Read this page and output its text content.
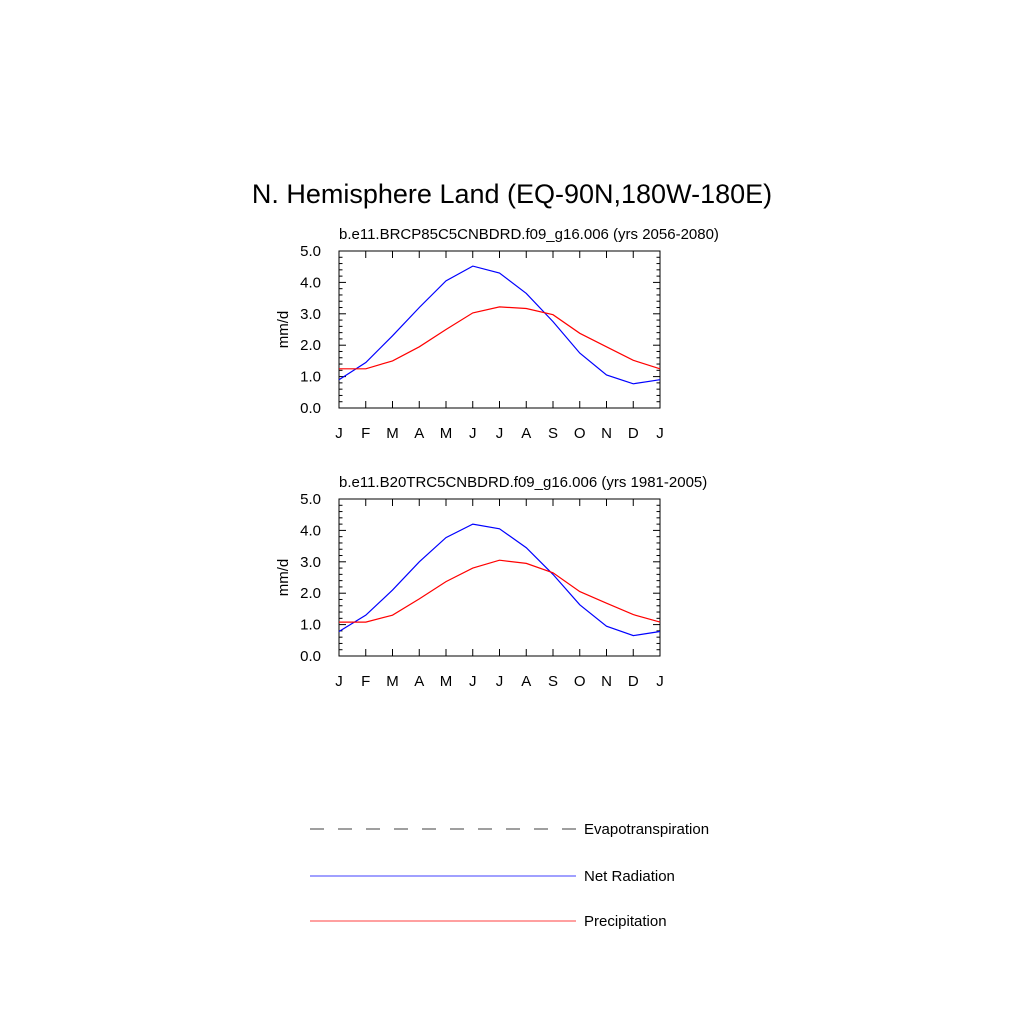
N. Hemisphere Land (EQ-90N,180W-180E)
b.e11.BRCP85C5CNBDRD.f09_g16.006 (yrs 2056-2080)
J F M A M J J A S O N D J
0.0
1.0
2.0
3.0
4.0
5.0
mm/d
b.e11.B20TRC5CNBDRD.f09_g16.006 (yrs 1981-2005)
J F M A M J J A S O N D J
0.0
1.0
2.0
3.0
4.0
5.0
mm/d
Evapotranspiration
Net Radiation
Precipitation
